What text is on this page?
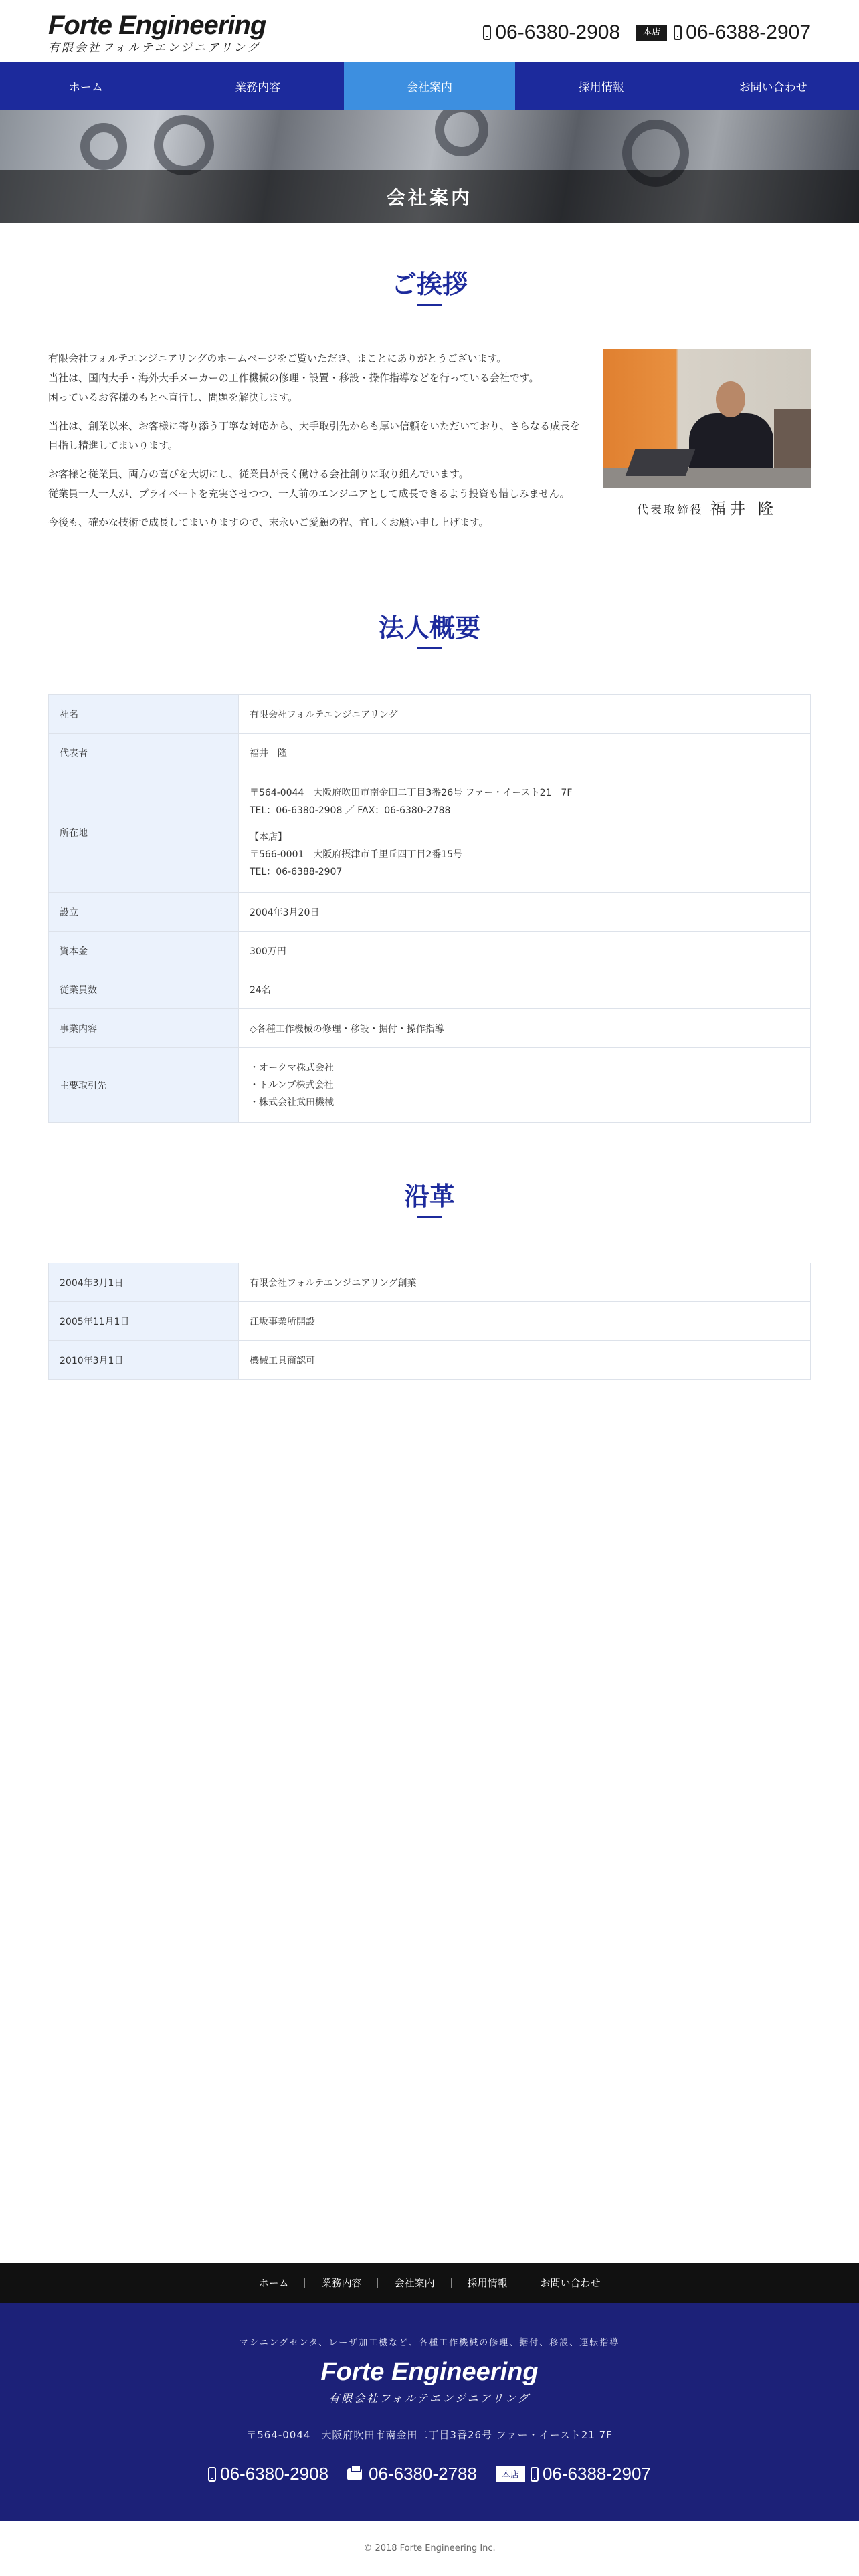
Forte Engineering
有限会社フォルテエンジニアリング
06-6380-2908	本店	06-6388-2907
ホーム	業務内容	会社案内	採用情報	お問い合わせ
会社案内
ご挨拶

有限会社フォルテエンジニアリングのホームページをご覧いただき、まことにありがとうございます。
当社は、国内大手・海外大手メーカーの工作機械の修理・設置・移設・操作指導などを行っている会社です。
困っているお客様のもとへ直行し、問題を解決します。

当社は、創業以来、お客様に寄り添う丁寧な対応から、大手取引先からも厚い信頼をいただいており、さらなる成長を目指し精進してまいります。

お客様と従業員、両方の喜びを大切にし、従業員が長く働ける会社創りに取り組んでいます。
従業員一人一人が、プライベートを充実させつつ、一人前のエンジニアとして成長できるよう投資も惜しみません。

今後も、確かな技術で成長してまいりますので、末永いご愛顧の程、宜しくお願い申し上げます。

代表取締役 福井 隆
法人概要
社名	有限会社フォルテエンジニアリング
代表者	福井　隆
所在地	〒564-0044　大阪府吹田市南金田二丁目3番26号 ファー・イースト21　7F
TEL：06-6380-2908 ／ FAX：06-6380-2788
【本店】
〒566-0001　大阪府摂津市千里丘四丁目2番15号
TEL：06-6388-2907

設立	2004年3月20日
資本金	300万円
従業員数	24名
事業内容	◇各種工作機械の修理・移設・据付・操作指導
主要取引先	・オークマ株式会社
・トルンプ株式会社
・株式会社武田機械
沿革
2004年3月1日	有限会社フォルテエンジニアリング創業
2005年11月1日	江坂事業所開設
2010年3月1日	機械工具商認可
ホーム	業務内容	会社案内	採用情報	お問い合わせ
マシニングセンタ、レーザ加工機など、各種工作機械の修理、据付、移設、運転指導
Forte Engineering
有限会社フォルテエンジニアリング
〒564-0044　大阪府吹田市南金田二丁目3番26号 ファー・イースト21 7F
06-6380-2908 06-6380-2788	本店	06-6388-2907
© 2018 Forte Engineering Inc.
